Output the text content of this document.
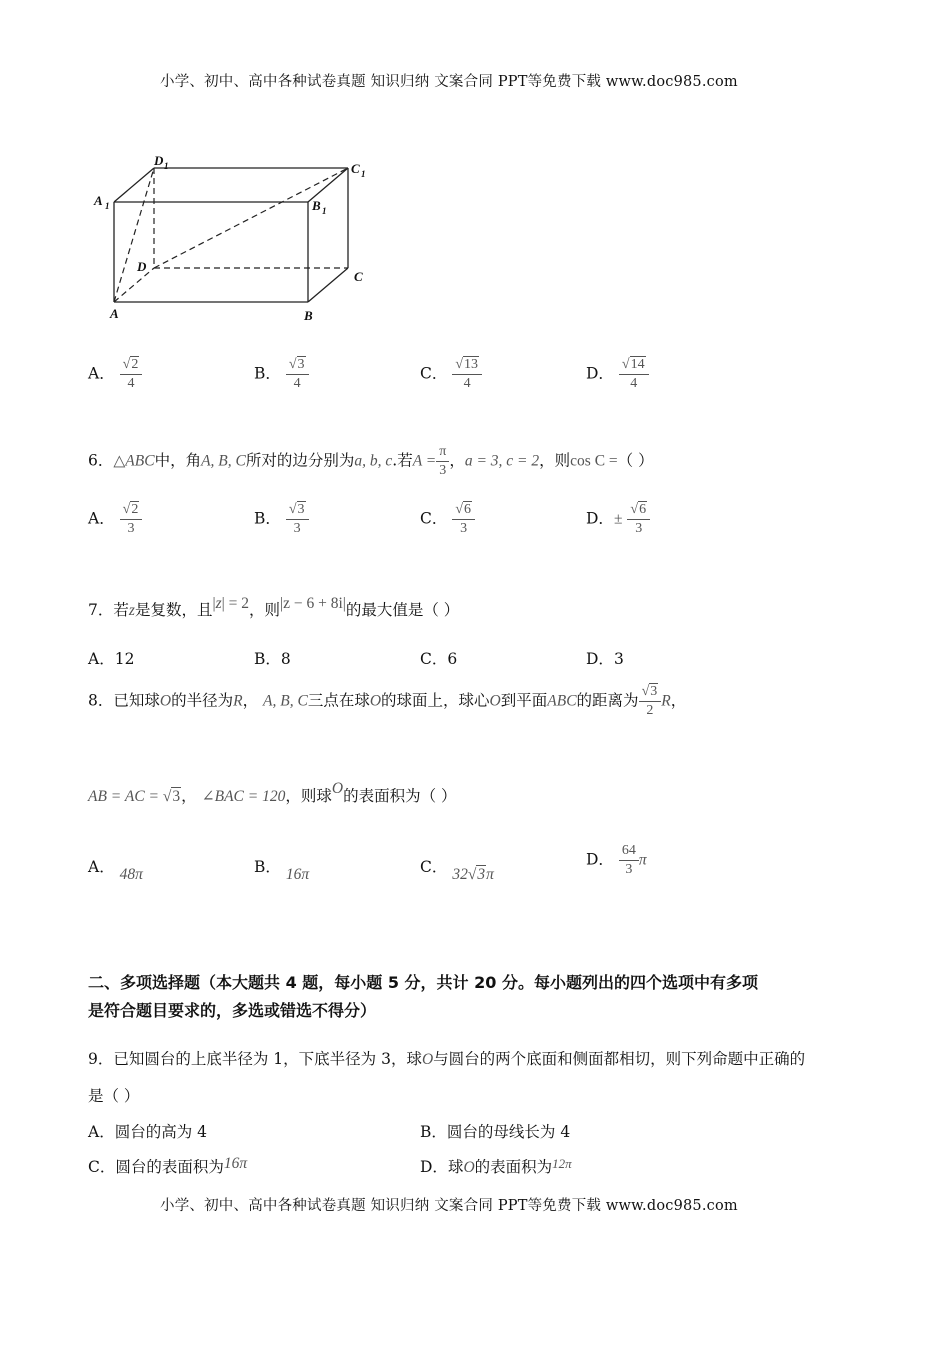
小学、初中、高中各种试卷真题 知识归纳 文案合同 PPT等免费下载 www.doc985.com
A	B
C
D
A 1	B 1
C 1
D 1
A． $\frac{√2}{4}$	B． $\frac{√3}{4}$	C． $\frac{√13}{4}$	D． $\frac{√14}{4}$
6．△ABC中，角A, B, C所对的边分别为a, b, c.若$A = \frac{\pi}{3}$ ，a = 3, c = 2，则cos C =（ ）
A． $\frac{√2}{3}$	B． $\frac{√3}{3}$	C． $\frac{√6}{3}$	D．± $\frac{√6}{3}$
7．若z是复数，且|z| = 2，则|z − 6 + 8i|的最大值是（ ）
A．12	B．8	C．6	D．3
8．已知球O的半径为R， A, B, C三点在球O的球面上，球心O到平面ABC的距离为 $\frac{√3}{2}$ R，
AB = AC = √3， ∠BAC = 120，则球O的表面积为（ ）
A． 48π	B． 16π	C． 32√3π
D． $\frac{64}{3}$ π
二、多项选择题（本大题共 4 题，每小题 5 分，共计 20 分。每小题列出的四个选项中有多项
是符合题目要求的，多选或错选不得分）
9．已知圆台的上底半径为 1，下底半径为 3，球O与圆台的两个底面和侧面都相切，则下列命题中正确的
是（ ）
A．圆台的高为 4	B．圆台的母线长为 4
C．圆台的表面积为16π	D．球O的表面积为$^{12\pi}$
小学、初中、高中各种试卷真题 知识归纳 文案合同 PPT等免费下载 www.doc985.com
